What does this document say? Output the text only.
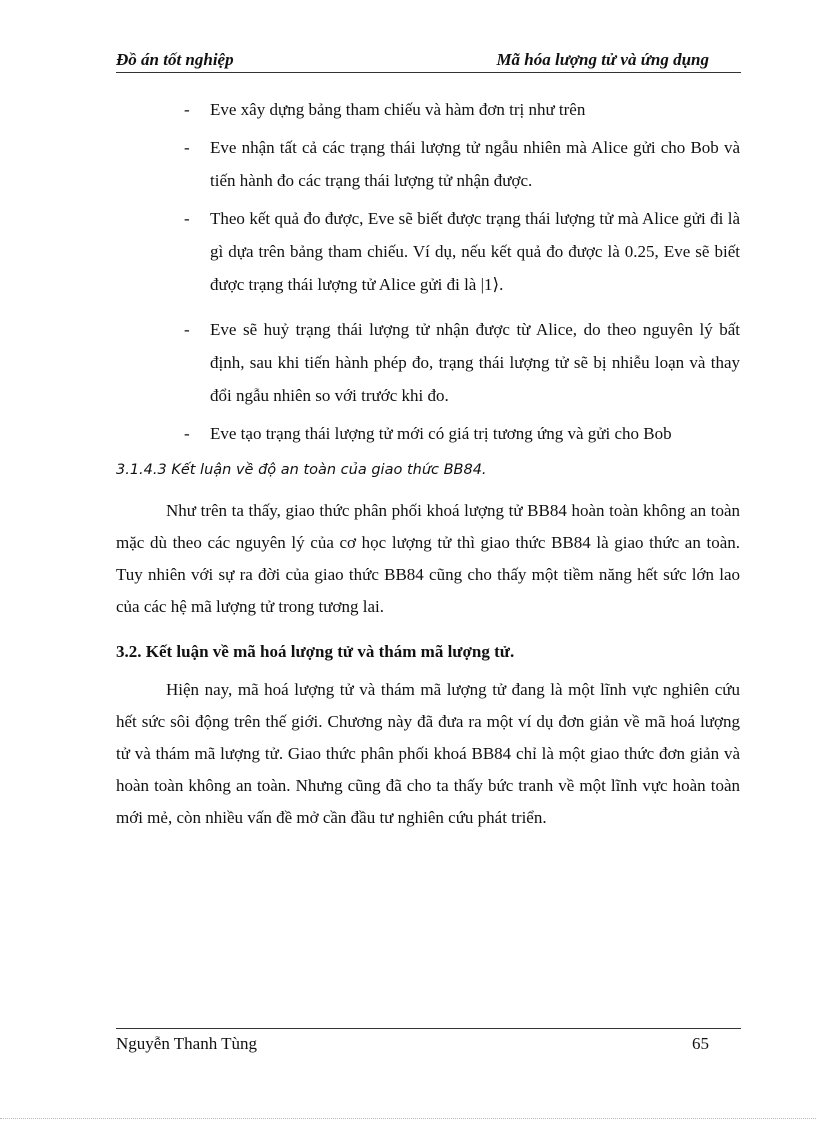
Đồ án tốt nghiệp	Mã hóa lượng tử và ứng dụng
- Eve xây dựng bảng tham chiếu và hàm đơn trị như trên
- Eve nhận tất cả các trạng thái lượng tử ngẫu nhiên mà Alice gửi cho Bob và tiến hành đo các trạng thái lượng tử nhận được.
- Theo kết quả đo được, Eve sẽ biết được trạng thái lượng tử mà Alice gửi đi là gì dựa trên bảng tham chiếu. Ví dụ, nếu kết quả đo được là 0.25, Eve sẽ biết được trạng thái lượng tử Alice gửi đi là |1⟩.
- Eve sẽ huỷ trạng thái lượng tử nhận được từ Alice, do theo nguyên lý bất định, sau khi tiến hành phép đo, trạng thái lượng tử sẽ bị nhiễu loạn và thay đổi ngẫu nhiên so với trước khi đo.
- Eve tạo trạng thái lượng tử mới có giá trị tương ứng và gửi cho Bob
3.1.4.3 Kết luận về độ an toàn của giao thức BB84.

Như trên ta thấy, giao thức phân phối khoá lượng tử BB84 hoàn toàn không an toàn mặc dù theo các nguyên lý của cơ học lượng tử thì giao thức BB84 là giao thức an toàn. Tuy nhiên với sự ra đời của giao thức BB84 cũng cho thấy một tiềm năng hết sức lớn lao của các hệ mã lượng tử trong tương lai.

3.2. Kết luận về mã hoá lượng tử và thám mã lượng tử.

Hiện nay, mã hoá lượng tử và thám mã lượng tử đang là một lĩnh vực nghiên cứu hết sức sôi động trên thế giới. Chương này đã đưa ra một ví dụ đơn giản về mã hoá lượng tử và thám mã lượng tử. Giao thức phân phối khoá BB84 chỉ là một giao thức đơn giản và hoàn toàn không an toàn. Nhưng cũng đã cho ta thấy bức tranh về một lĩnh vực hoàn toàn mới mẻ, còn nhiều vấn đề mở cần đầu tư nghiên cứu phát triển.

Nguyễn Thanh Tùng	65
